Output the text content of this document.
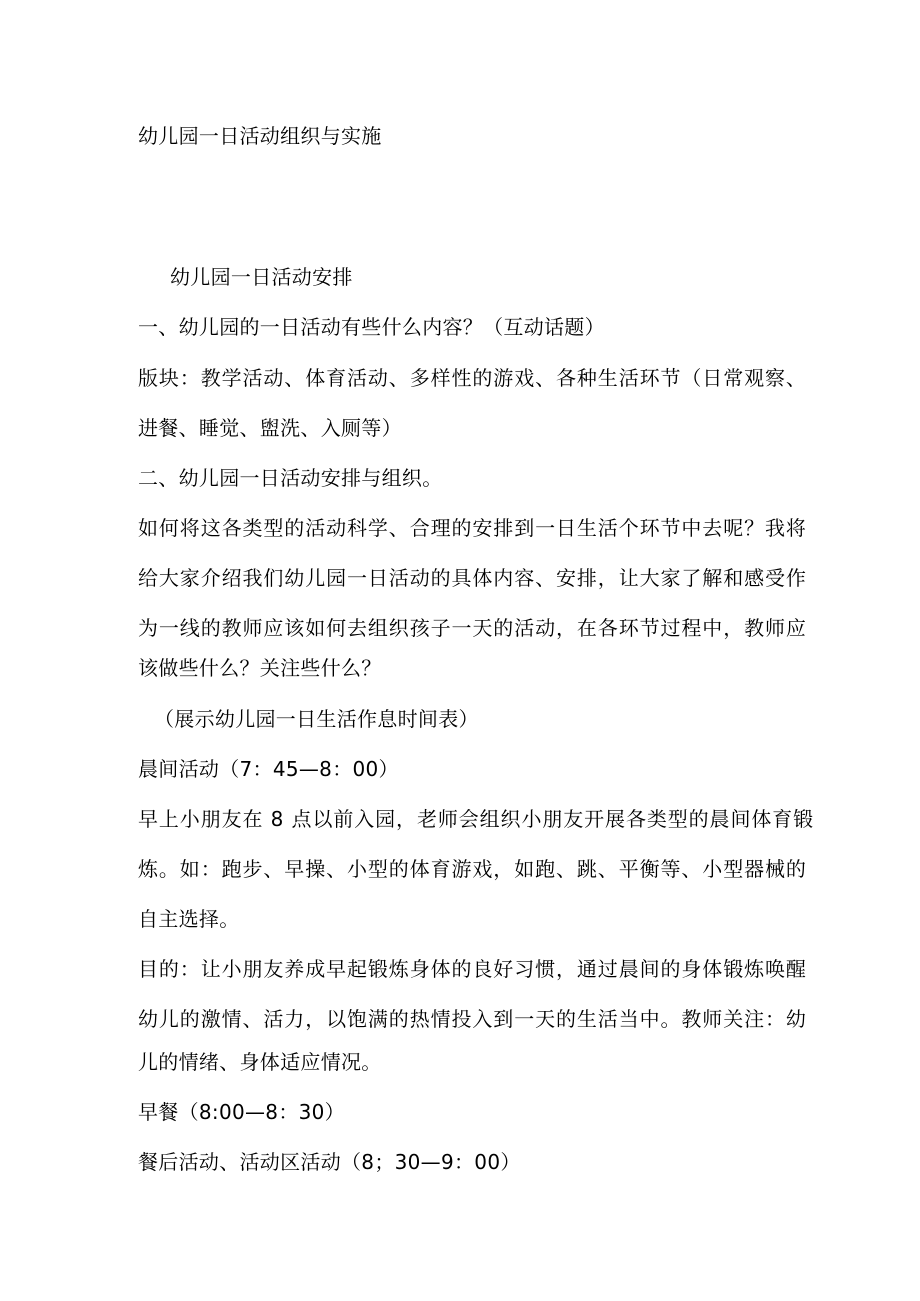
幼儿园一日活动组织与实施

幼儿园一日活动安排

一、幼儿园的一日活动有些什么内容？（互动话题）

版块：教学活动、体育活动、多样性的游戏、各种生活环节（日常观察、

进餐、睡觉、盥洗、入厕等）

二、幼儿园一日活动安排与组织。

如何将这各类型的活动科学、合理的安排到一日生活个环节中去呢？我将

给大家介绍我们幼儿园一日活动的具体内容、安排，让大家了解和感受作

为一线的教师应该如何去组织孩子一天的活动，在各环节过程中，教师应

该做些什么？关注些什么？

（展示幼儿园一日生活作息时间表）

晨间活动（7：45—8：00）

早上小朋友在 8 点以前入园，老师会组织小朋友开展各类型的晨间体育锻

炼。如：跑步、早操、小型的体育游戏，如跑、跳、平衡等、小型器械的

自主选择。

目的：让小朋友养成早起锻炼身体的良好习惯，通过晨间的身体锻炼唤醒

幼儿的激情、活力，以饱满的热情投入到一天的生活当中。教师关注：幼

儿的情绪、身体适应情况。

早餐（8:00—8：30）

餐后活动、活动区活动（8；30—9：00）
